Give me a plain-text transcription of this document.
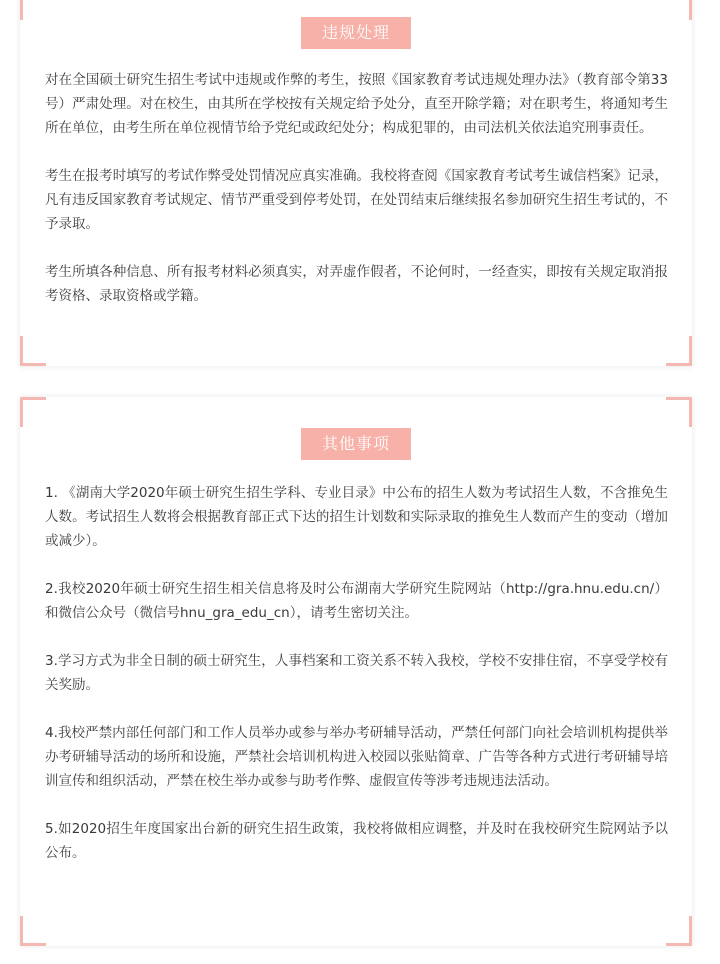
违规处理

对在全国硕士研究生招生考试中违规或作弊的考生，按照《国家教育考试违规处理办法》（教育部令第33号）严肃处理。对在校生，由其所在学校按有关规定给予处分，直至开除学籍；对在职考生，将通知考生所在单位，由考生所在单位视情节给予党纪或政纪处分；构成犯罪的，由司法机关依法追究刑事责任。

考生在报考时填写的考试作弊受处罚情况应真实准确。我校将查阅《国家教育考试考生诚信档案》记录，凡有违反国家教育考试规定、情节严重受到停考处罚，在处罚结束后继续报名参加研究生招生考试的，不予录取。

考生所填各种信息、所有报考材料必须真实，对弄虚作假者，不论何时，一经查实，即按有关规定取消报考资格、录取资格或学籍。

其他事项

1. 《湖南大学2020年硕士研究生招生学科、专业目录》中公布的招生人数为考试招生人数，不含推免生人数。考试招生人数将会根据教育部正式下达的招生计划数和实际录取的推免生人数而产生的变动（增加或减少）。

2.我校2020年硕士研究生招生相关信息将及时公布湖南大学研究生院网站（http://gra.hnu.edu.cn/）和微信公众号（微信号hnu_gra_edu_cn），请考生密切关注。

3.学习方式为非全日制的硕士研究生，人事档案和工资关系不转入我校，学校不安排住宿，不享受学校有关奖励。

4.我校严禁内部任何部门和工作人员举办或参与举办考研辅导活动，严禁任何部门向社会培训机构提供举办考研辅导活动的场所和设施，严禁社会培训机构进入校园以张贴简章、广告等各种方式进行考研辅导培训宣传和组织活动，严禁在校生举办或参与助考作弊、虚假宣传等涉考违规违法活动。

5.如2020招生年度国家出台新的研究生招生政策，我校将做相应调整，并及时在我校研究生院网站予以公布。
